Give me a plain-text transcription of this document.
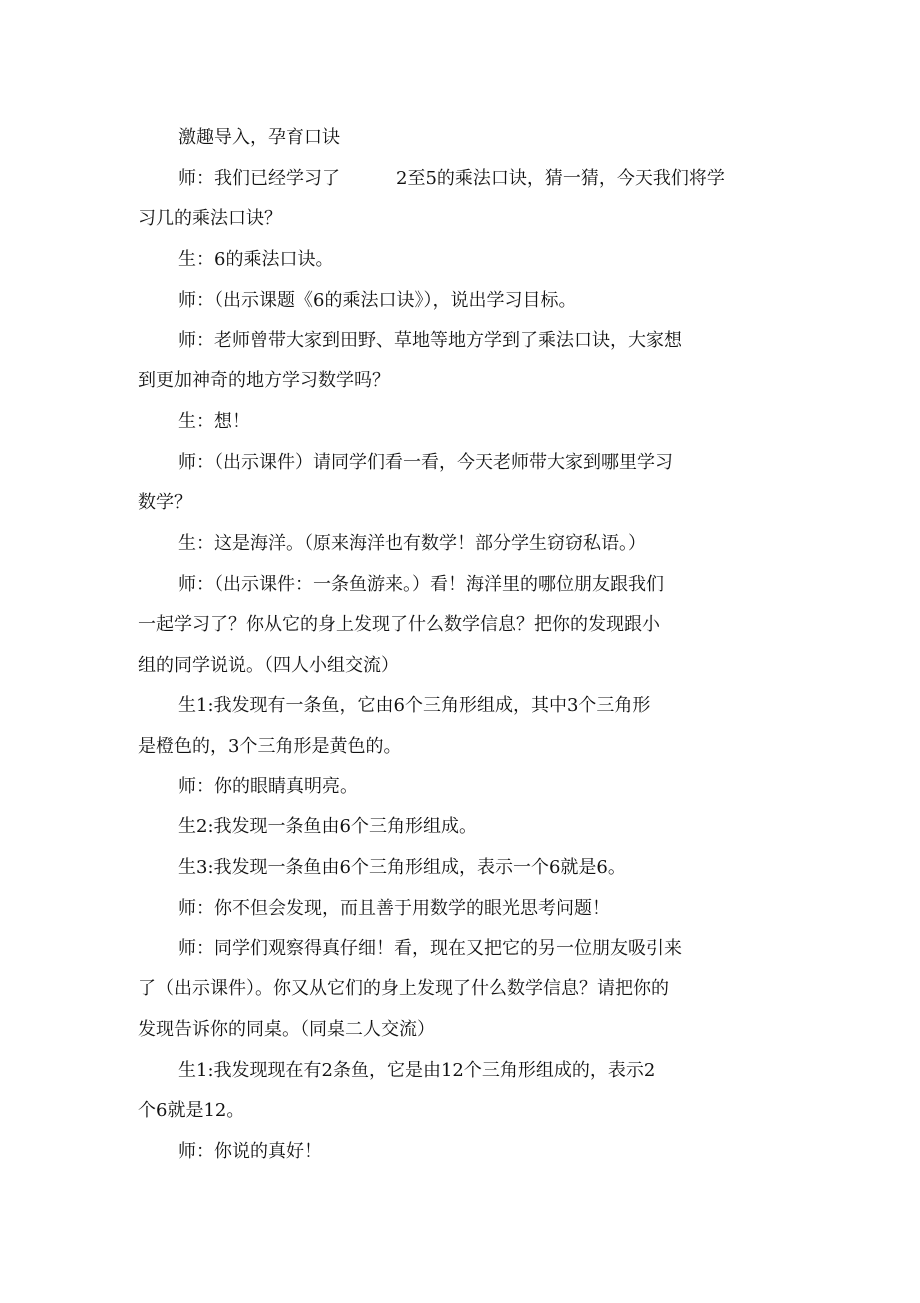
激趣导入，孕育口诀
师：我们已经学习了	2至5的乘法口诀，猜一猜，今天我们将学
习几的乘法口诀？
生：6的乘法口诀。
师：（出示课题《6的乘法口诀》），说出学习目标。
师：老师曾带大家到田野、草地等地方学到了乘法口诀，大家想
到更加神奇的地方学习数学吗？
生：想！
师：（出示课件）请同学们看一看，今天老师带大家到哪里学习
数学？
生：这是海洋。（原来海洋也有数学！部分学生窃窃私语。）
师：（出示课件：一条鱼游来。）看！海洋里的哪位朋友跟我们
一起学习了？你从它的身上发现了什么数学信息？把你的发现跟小
组的同学说说。（四人小组交流）
生1:我发现有一条鱼，它由6个三角形组成，其中3个三角形
是橙色的，3个三角形是黄色的。
师：你的眼睛真明亮。
生2:我发现一条鱼由6个三角形组成。
生3:我发现一条鱼由6个三角形组成，表示一个6就是6。
师：你不但会发现，而且善于用数学的眼光思考问题！
师：同学们观察得真仔细！看，现在又把它的另一位朋友吸引来
了（出示课件）。你又从它们的身上发现了什么数学信息？请把你的
发现告诉你的同桌。（同桌二人交流）
生1:我发现现在有2条鱼，它是由12个三角形组成的，表示2
个6就是12。
师：你说的真好！
